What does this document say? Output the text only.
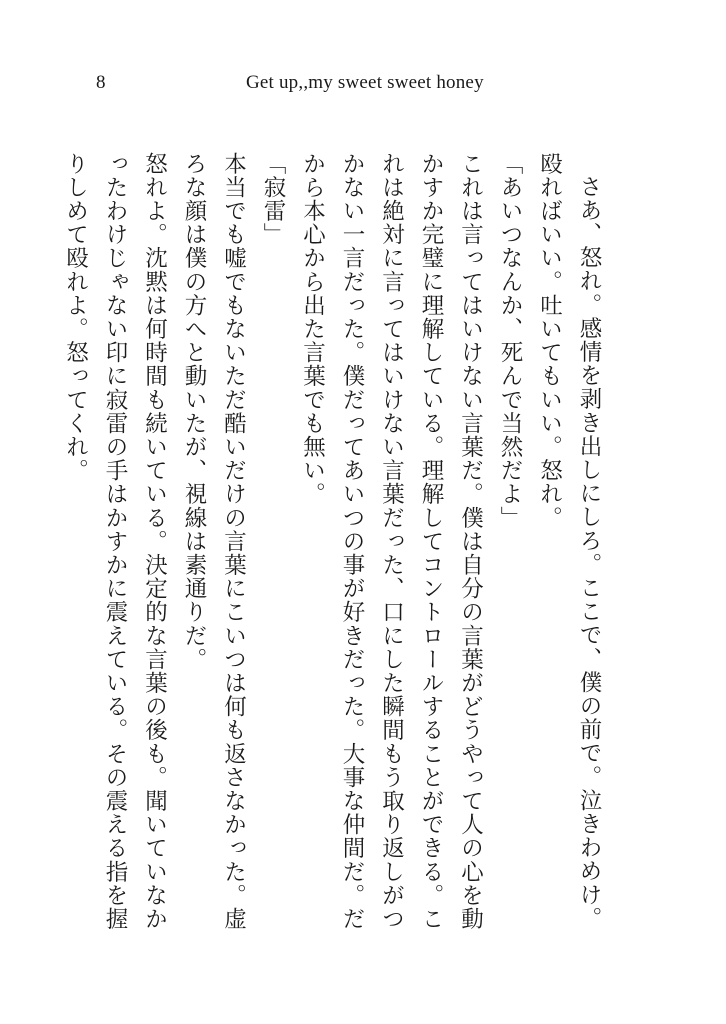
8	Get up,,my sweet sweet honey

さあ、怒れ。感情を剥き出しにしろ。ここで、僕の前で。泣きわめけ。殴ればいい。吐いてもいい。怒れ。

「あいつなんか、死んで当然だよ」

これは言ってはいけない言葉だ。僕は自分の言葉がどうやって人の心を動かすか完璧に理解している。理解してコントロールすることができる。これは絶対に言ってはいけない言葉だった、口にした瞬間もう取り返しがつかない一言だった。僕だってあいつの事が好きだった。大事な仲間だ。だから本心から出た言葉でも無い。

「寂雷」

本当でも嘘でもないただ酷いだけの言葉にこいつは何も返さなかった。虚ろな顔は僕の方へと動いたが、視線は素通りだ。

怒れよ。沈黙は何時間も続いている。決定的な言葉の後も。聞いていなかったわけじゃない印に寂雷の手はかすかに震えている。その震える指を握りしめて殴れよ。怒ってくれ。
